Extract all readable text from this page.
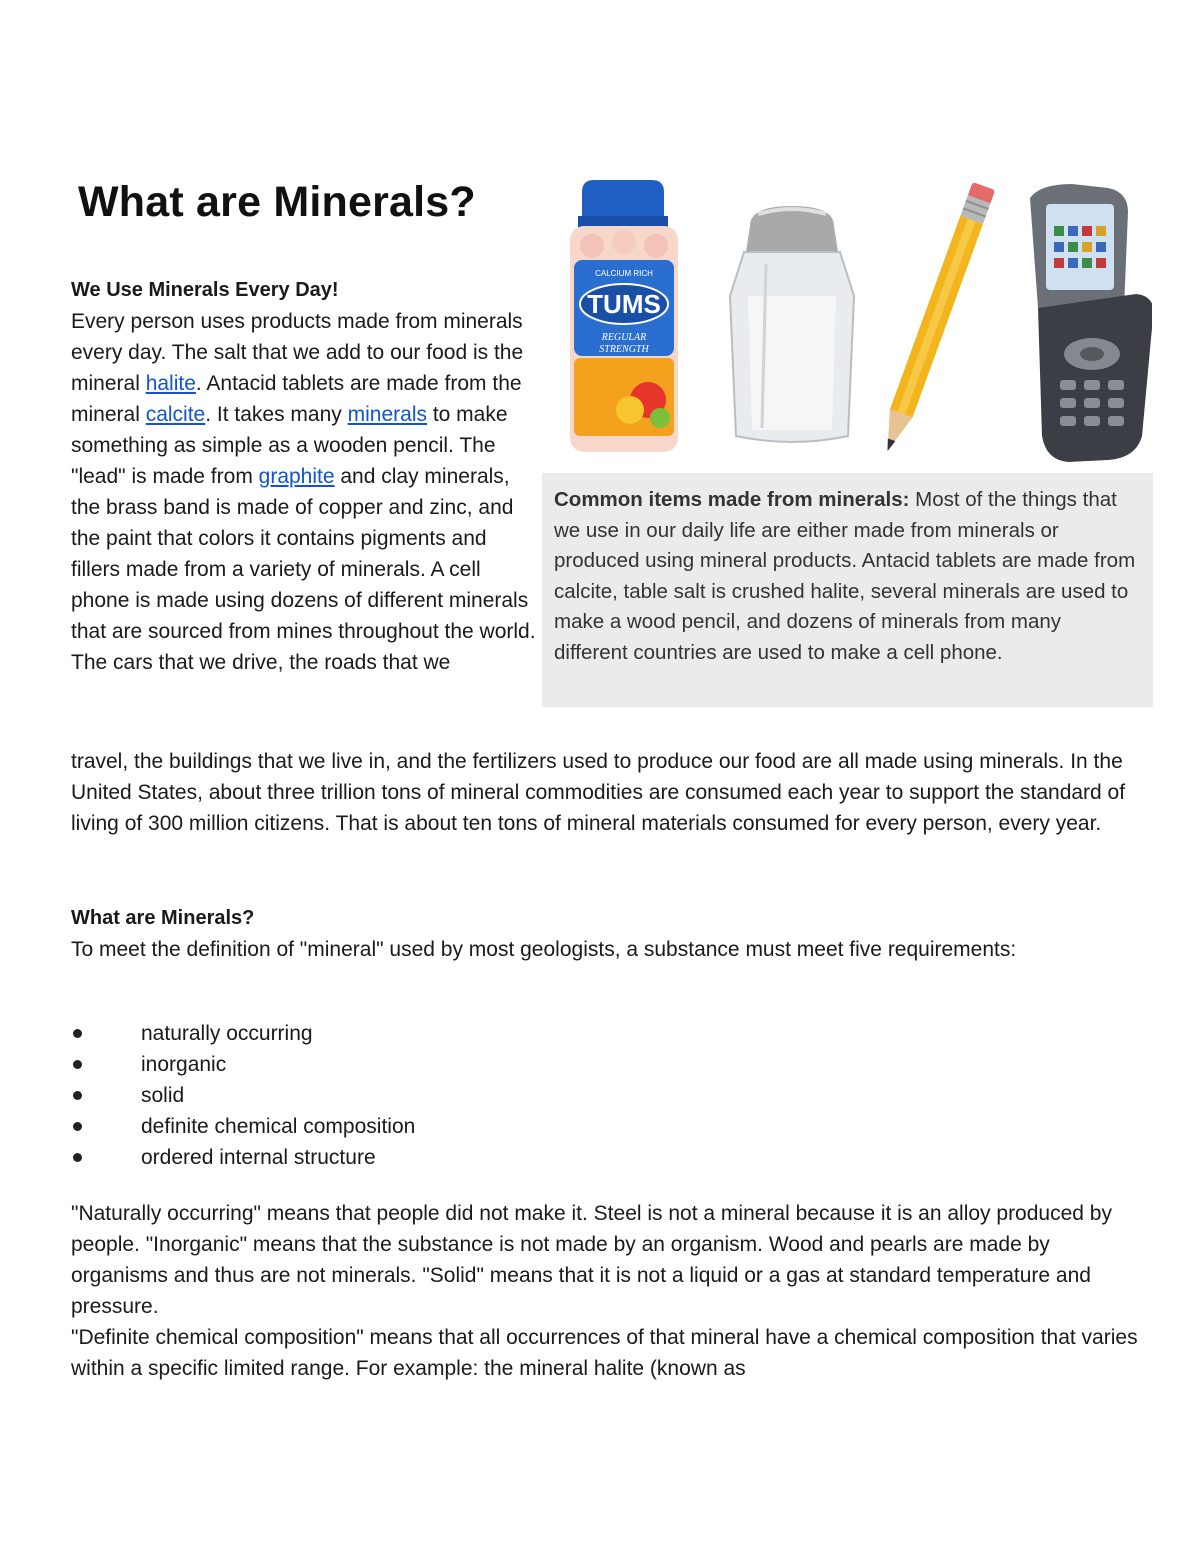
What are Minerals?
CALCIUM RICH
TUMS
REGULAR
STRENGTH
Common items made from minerals: Most of the things that we use in our daily life are either made from minerals or produced using mineral products. Antacid tablets are made from calcite, table salt is crushed halite, several minerals are used to make a wood pencil, and dozens of minerals from many different countries are used to make a cell phone.

We Use Minerals Every Day!

Every person uses products made from minerals every day. The salt that we add to our food is the mineral halite. Antacid tablets are made from the mineral calcite. It takes many minerals to make something as simple as a wooden pencil. The "lead" is made from graphite and clay minerals, the brass band is made of copper and zinc, and the paint that colors it contains pigments and fillers made from a variety of minerals. A cell phone is made using dozens of different minerals that are sourced from mines throughout the world. The cars that we drive, the roads that we

travel, the buildings that we live in, and the fertilizers used to produce our food are all made using minerals. In the United States, about three trillion tons of mineral commodities are consumed each year to support the standard of living of 300 million citizens. That is about ten tons of mineral materials consumed for every person, every year.

What are Minerals?

To meet the definition of "mineral" used by most geologists, a substance must meet five requirements:

naturally occurring
inorganic
solid
definite chemical composition
ordered internal structure

"Naturally occurring" means that people did not make it. Steel is not a mineral because it is an alloy produced by people. "Inorganic" means that the substance is not made by an organism. Wood and pearls are made by organisms and thus are not minerals. "Solid" means that it is not a liquid or a gas at standard temperature and pressure.

"Definite chemical composition" means that all occurrences of that mineral have a chemical composition that varies within a specific limited range. For example: the mineral halite (known as
